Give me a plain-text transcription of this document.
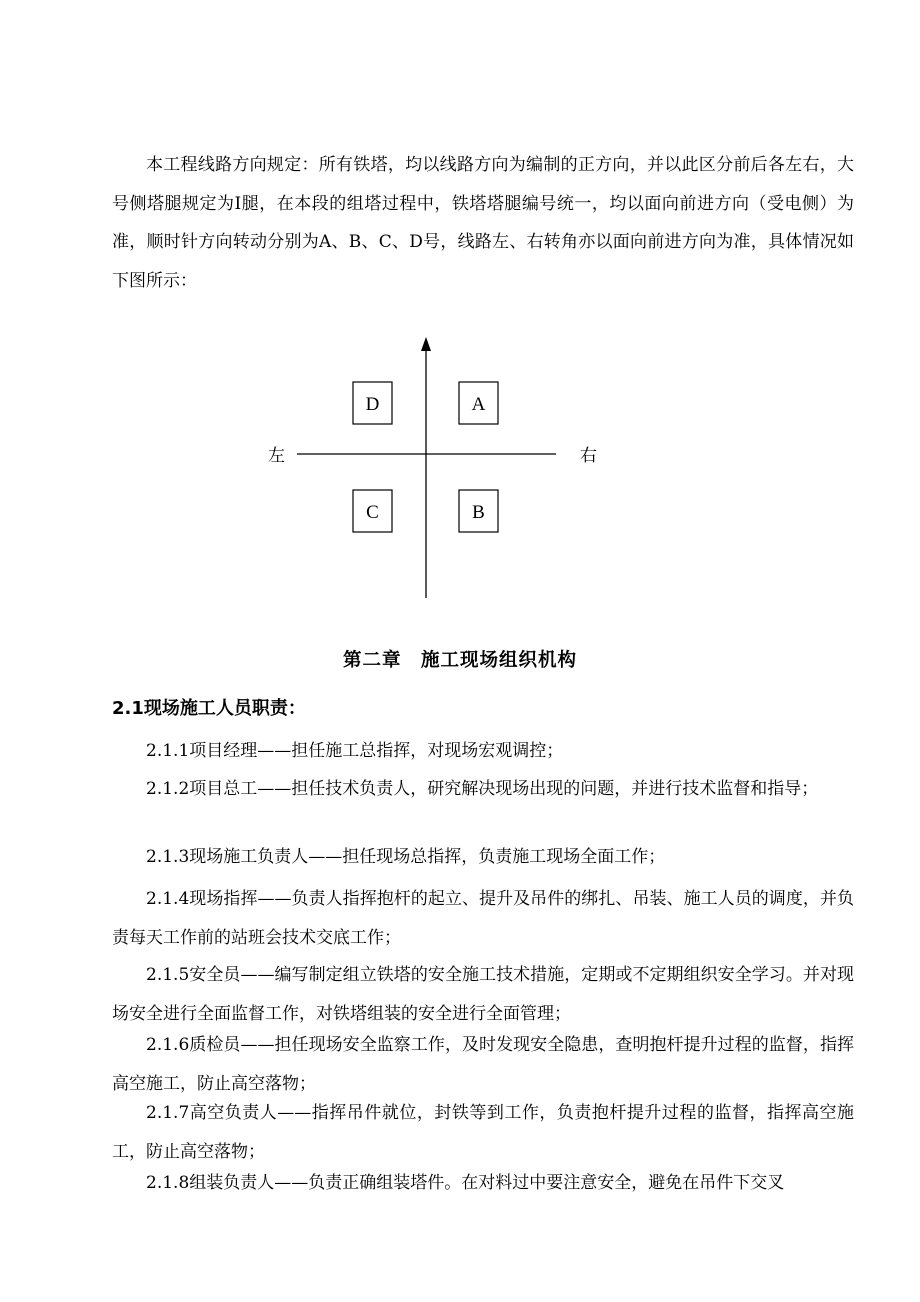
本工程线路方向规定：所有铁塔，均以线路方向为编制的正方向，并以此区分前后各左右，大号侧塔腿规定为Ⅰ腿，在本段的组塔过程中，铁塔塔腿编号统一，均以面向前进方向（受电侧）为准，顺时针方向转动分别为A、B、C、D号，线路左、右转角亦以面向前进方向为准，具体情况如下图所示：

D	A
C	B
左	右
第二章　施工现场组织机构
2.1现场施工人员职责：

2.1.1项目经理——担任施工总指挥，对现场宏观调控；

2.1.2项目总工——担任技术负责人，研究解决现场出现的问题，并进行技术监督和指导；

2.1.3现场施工负责人——担任现场总指挥，负责施工现场全面工作；

2.1.4现场指挥——负责人指挥抱杆的起立、提升及吊件的绑扎、吊装、施工人员的调度，并负责每天工作前的站班会技术交底工作；

2.1.5安全员——编写制定组立铁塔的安全施工技术措施，定期或不定期组织安全学习。并对现场安全进行全面监督工作，对铁塔组装的安全进行全面管理；

2.1.6质检员——担任现场安全监察工作，及时发现安全隐患，查明抱杆提升过程的监督，指挥高空施工，防止高空落物；

2.1.7高空负责人——指挥吊件就位，封铁等到工作，负责抱杆提升过程的监督，指挥高空施工，防止高空落物；

2.1.8组装负责人——负责正确组装塔件。在对料过中要注意安全，避免在吊件下交叉
